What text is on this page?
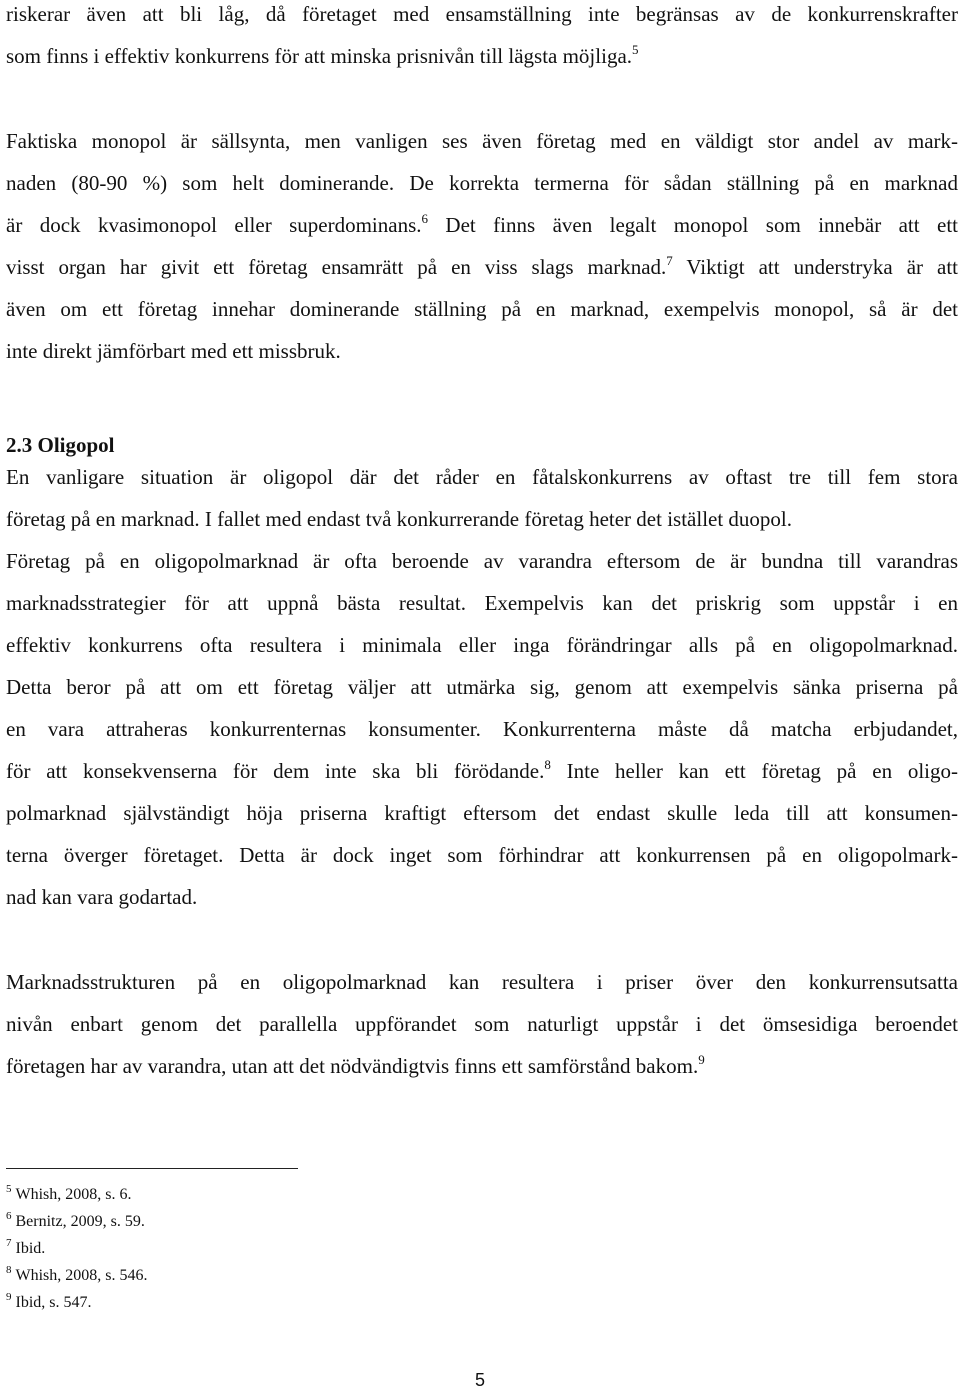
riskerar även att bli låg, då företaget med ensamställning inte begränsas av de konkurrenskrafter

som finns i effektiv konkurrens för att minska prisnivån till lägsta möjliga.$^5$

Faktiska monopol är sällsynta, men vanligen ses även företag med en väldigt stor andel av mark-

naden (80-90 %) som helt dominerande. De korrekta termerna för sådan ställning på en marknad

är dock kvasimonopol eller superdominans.$^6$ Det finns även legalt monopol som innebär att ett

visst organ har givit ett företag ensamrätt på en viss slags marknad.$^7$ Viktigt att understryka är att

även om ett företag innehar dominerande ställning på en marknad, exempelvis monopol, så är det

inte direkt jämförbart med ett missbruk.

2.3 Oligopol

En vanligare situation är oligopol där det råder en fåtalskonkurrens av oftast tre till fem stora

företag på en marknad. I fallet med endast två konkurrerande företag heter det istället duopol.

Företag på en oligopolmarknad är ofta beroende av varandra eftersom de är bundna till varandras

marknadsstrategier för att uppnå bästa resultat. Exempelvis kan det priskrig som uppstår i en

effektiv konkurrens ofta resultera i minimala eller inga förändringar alls på en oligopolmarknad.

Detta beror på att om ett företag väljer att utmärka sig, genom att exempelvis sänka priserna på

en vara attraheras konkurrenternas konsumenter. Konkurrenterna måste då matcha erbjudandet,

för att konsekvenserna för dem inte ska bli förödande.$^8$ Inte heller kan ett företag på en oligo-

polmarknad självständigt höja priserna kraftigt eftersom det endast skulle leda till att konsumen-

terna överger företaget. Detta är dock inget som förhindrar att konkurrensen på en oligopolmark-

nad kan vara godartad.

Marknadsstrukturen på en oligopolmarknad kan resultera i priser över den konkurrensutsatta

nivån enbart genom det parallella uppförandet som naturligt uppstår i det ömsesidiga beroendet

företagen har av varandra, utan att det nödvändigtvis finns ett samförstånd bakom.$^9$

$^5$ Whish, 2008, s. 6.
$^6$ Bernitz, 2009, s. 59.
$^7$ Ibid.
$^8$ Whish, 2008, s. 546.
$^9$ Ibid, s. 547.
5
